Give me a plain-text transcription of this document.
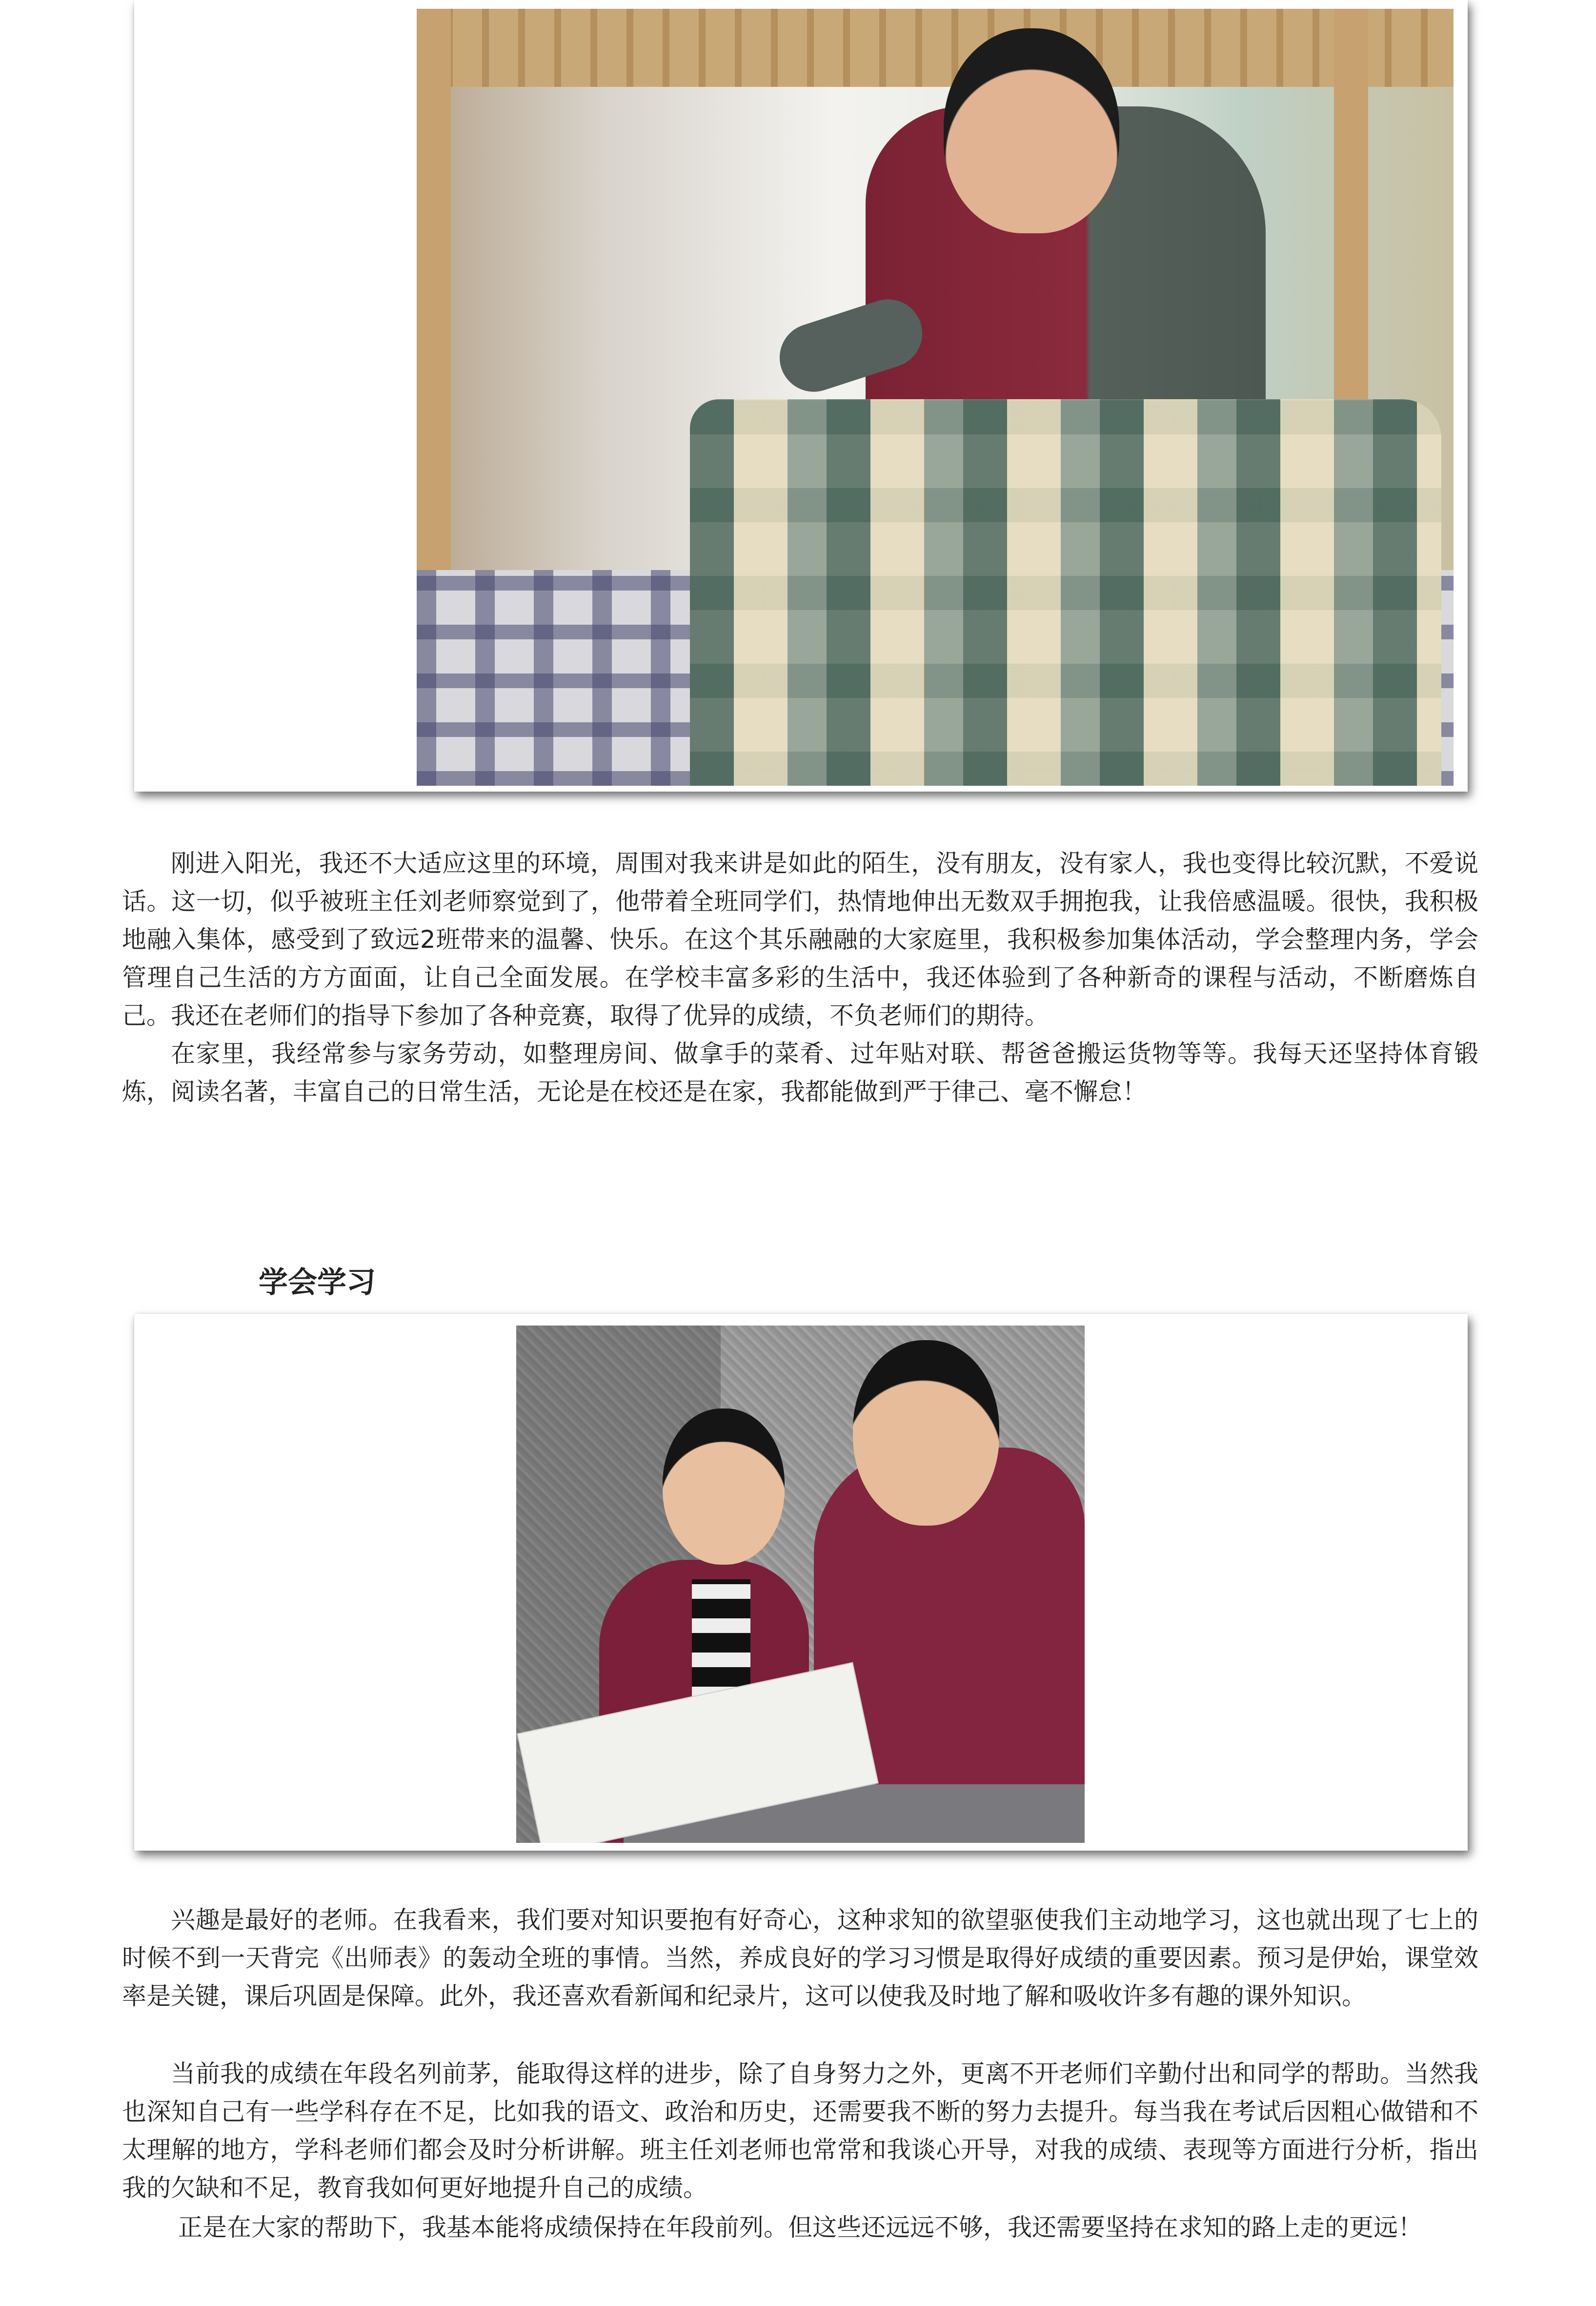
刚进入阳光，我还不大适应这里的环境，周围对我来讲是如此的陌生，没有朋友，没有家人，我也变得比较沉默，不爱说话。这一切，似乎被班主任刘老师察觉到了，他带着全班同学们，热情地伸出无数双手拥抱我，让我倍感温暖。很快，我积极地融入集体，感受到了致远2班带来的温馨、快乐。在这个其乐融融的大家庭里，我积极参加集体活动，学会整理内务，学会管理自己生活的方方面面，让自己全面发展。在学校丰富多彩的生活中，我还体验到了各种新奇的课程与活动，不断磨炼自己。我还在老师们的指导下参加了各种竞赛，取得了优异的成绩，不负老师们的期待。

在家里，我经常参与家务劳动，如整理房间、做拿手的菜肴、过年贴对联、帮爸爸搬运货物等等。我每天还坚持体育锻炼，阅读名著，丰富自己的日常生活，无论是在校还是在家，我都能做到严于律己、毫不懈怠！

学会学习

兴趣是最好的老师。在我看来，我们要对知识要抱有好奇心，这种求知的欲望驱使我们主动地学习，这也就出现了七上的时候不到一天背完《出师表》的轰动全班的事情。当然，养成良好的学习习惯是取得好成绩的重要因素。预习是伊始，课堂效率是关键，课后巩固是保障。此外，我还喜欢看新闻和纪录片，这可以使我及时地了解和吸收许多有趣的课外知识。

当前我的成绩在年段名列前茅，能取得这样的进步，除了自身努力之外，更离不开老师们辛勤付出和同学的帮助。当然我也深知自己有一些学科存在不足，比如我的语文、政治和历史，还需要我不断的努力去提升。每当我在考试后因粗心做错和不太理解的地方，学科老师们都会及时分析讲解。班主任刘老师也常常和我谈心开导，对我的成绩、表现等方面进行分析，指出我的欠缺和不足，教育我如何更好地提升自己的成绩。

正是在大家的帮助下，我基本能将成绩保持在年段前列。但这些还远远不够，我还需要坚持在求知的路上走的更远！
